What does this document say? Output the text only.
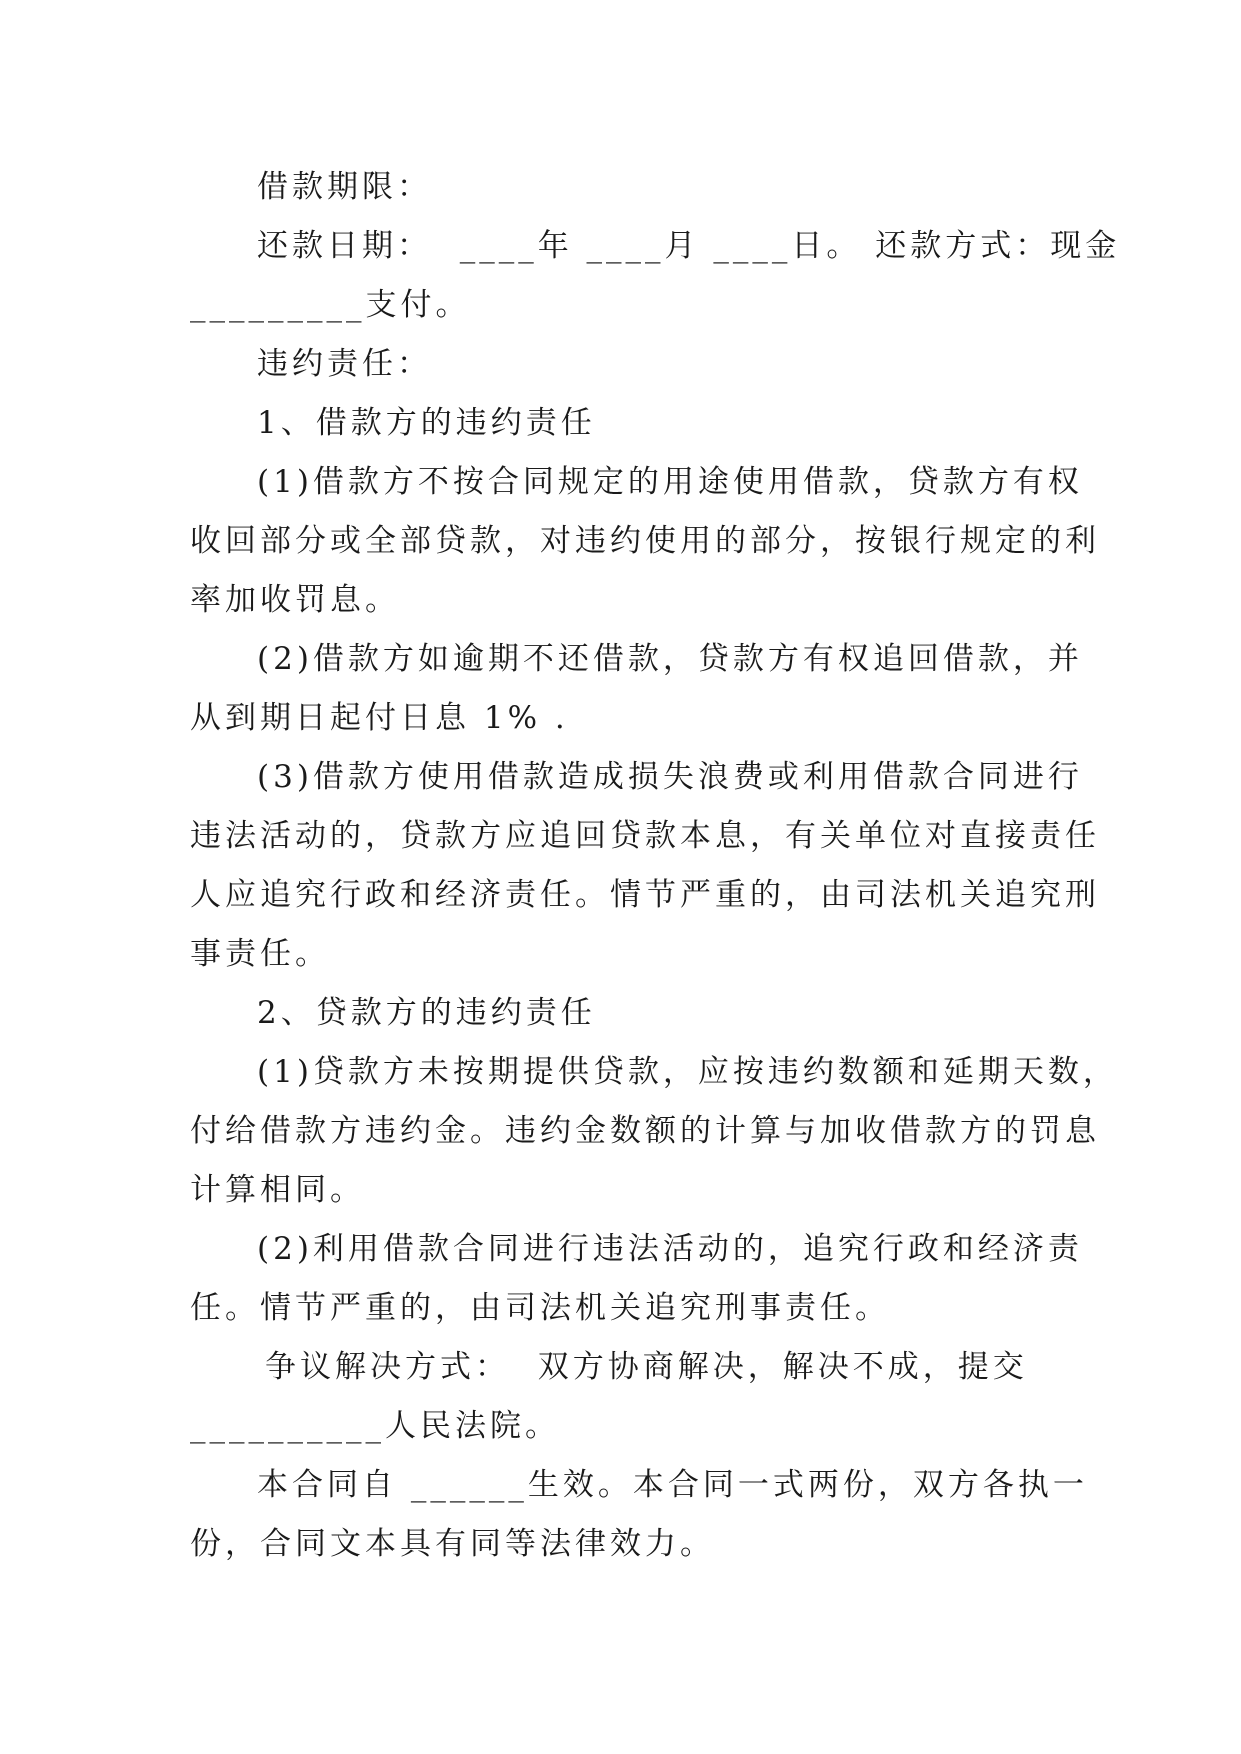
借款期限：
还款日期：  ____年 ____月 ____日。 还款方式：现金
_________支付。
违约责任：
1、借款方的违约责任
(1)借款方不按合同规定的用途使用借款，贷款方有权
收回部分或全部贷款，对违约使用的部分，按银行规定的利
率加收罚息。
(2)借款方如逾期不还借款，贷款方有权追回借款，并
从到期日起付日息 1% .
(3)借款方使用借款造成损失浪费或利用借款合同进行
违法活动的，贷款方应追回贷款本息，有关单位对直接责任
人应追究行政和经济责任。情节严重的，由司法机关追究刑
事责任。
2、贷款方的违约责任
(1)贷款方未按期提供贷款，应按违约数额和延期天数，
付给借款方违约金。违约金数额的计算与加收借款方的罚息
计算相同。
(2)利用借款合同进行违法活动的，追究行政和经济责
任。情节严重的，由司法机关追究刑事责任。
争议解决方式：  双方协商解决，解决不成，提交
__________人民法院。
本合同自 ______生效。本合同一式两份，双方各执一
份，合同文本具有同等法律效力。
